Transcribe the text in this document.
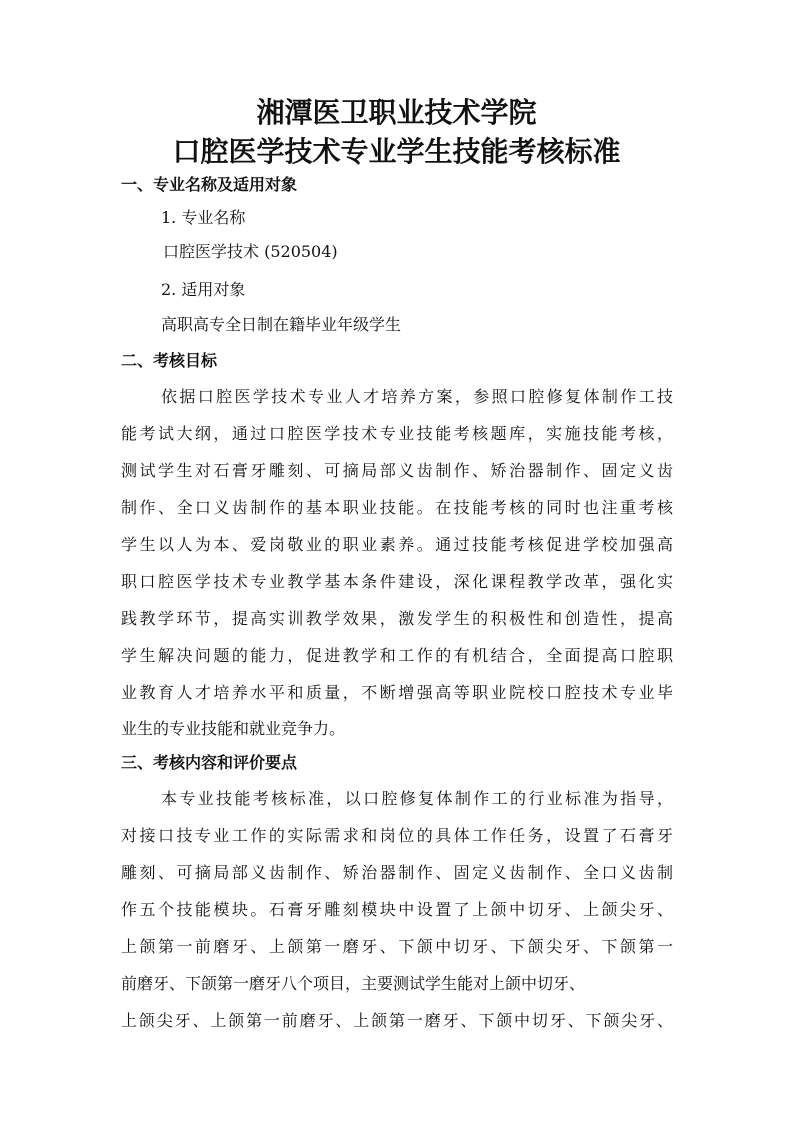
湘潭医卫职业技术学院
口腔医学技术专业学生技能考核标准
一、专业名称及适用对象

1. 专业名称

口腔医学技术 (520504)

2. 适用对象

高职高专全日制在籍毕业年级学生

二、考核目标

依据口腔医学技术专业人才培养方案，参照口腔修复体制作工技

能考试大纲，通过口腔医学技术专业技能考核题库，实施技能考核，

测试学生对石膏牙雕刻、可摘局部义齿制作、矫治器制作、固定义齿

制作、全口义齿制作的基本职业技能。在技能考核的同时也注重考核

学生以人为本、爱岗敬业的职业素养。通过技能考核促进学校加强高

职口腔医学技术专业教学基本条件建设，深化课程教学改革，强化实

践教学环节，提高实训教学效果，激发学生的积极性和创造性，提高

学生解决问题的能力，促进教学和工作的有机结合，全面提高口腔职

业教育人才培养水平和质量，不断增强高等职业院校口腔技术专业毕

业生的专业技能和就业竞争力。

三、考核内容和评价要点

本专业技能考核标准，以口腔修复体制作工的行业标准为指导，

对接口技专业工作的实际需求和岗位的具体工作任务，设置了石膏牙

雕刻、可摘局部义齿制作、矫治器制作、固定义齿制作、全口义齿制

作五个技能模块。石膏牙雕刻模块中设置了上颌中切牙、上颌尖牙、

上颌第一前磨牙、上颌第一磨牙、下颌中切牙、下颌尖牙、下颌第一

前磨牙、下颌第一磨牙八个项目，主要测试学生能对上颌中切牙、

上颌尖牙、上颌第一前磨牙、上颌第一磨牙、下颌中切牙、下颌尖牙、
